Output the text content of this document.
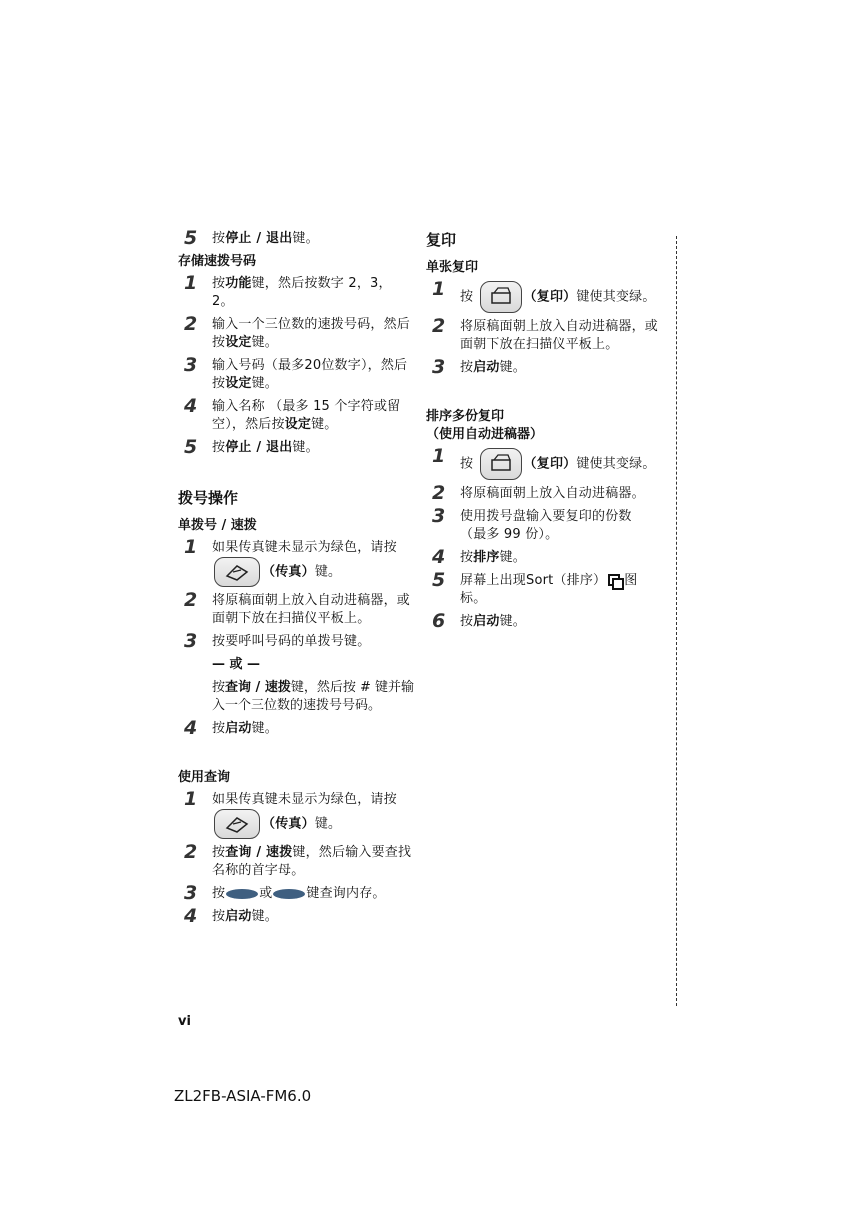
5 按停止 / 退出键。
存储速拨号码
1 按功能键，然后按数字 2，3， 2。
2 输入一个三位数的速拨号码，然后按设定键。
3 输入号码（最多20位数字），然后按设定键。
4 输入名称 （最多 15 个字符或留空），然后按设定键。
5 按停止 / 退出键。
拨号操作
单拨号 / 速拨
1 如果传真键未显示为绿色，请按
（传真）键。
2 将原稿面朝上放入自动进稿器，或面朝下放在扫描仪平板上。
3 按要呼叫号码的单拨号键。
— 或 —
按查询 / 速拨键，然后按 # 键并输入一个三位数的速拨号号码。
4 按启动键。
使用查询
1 如果传真键未显示为绿色，请按
（传真）键。
2 按查询 / 速拨键，然后输入要查找名称的首字母。
3 按	或	键查询内存。
4 按启动键。
复印
单张复印
1 按	（复印）键使其变绿。
2 将原稿面朝上放入自动进稿器，或面朝下放在扫描仪平板上。
3 按启动键。
排序多份复印
（使用自动进稿器）
1 按	（复印）键使其变绿。
2 将原稿面朝上放入自动进稿器。
3 使用拨号盘输入要复印的份数 （最多 99 份）。
4 按排序键。
5 屏幕上出现Sort（排序） 图标。
6 按启动键。
vi
ZL2FB-ASIA-FM6.0
